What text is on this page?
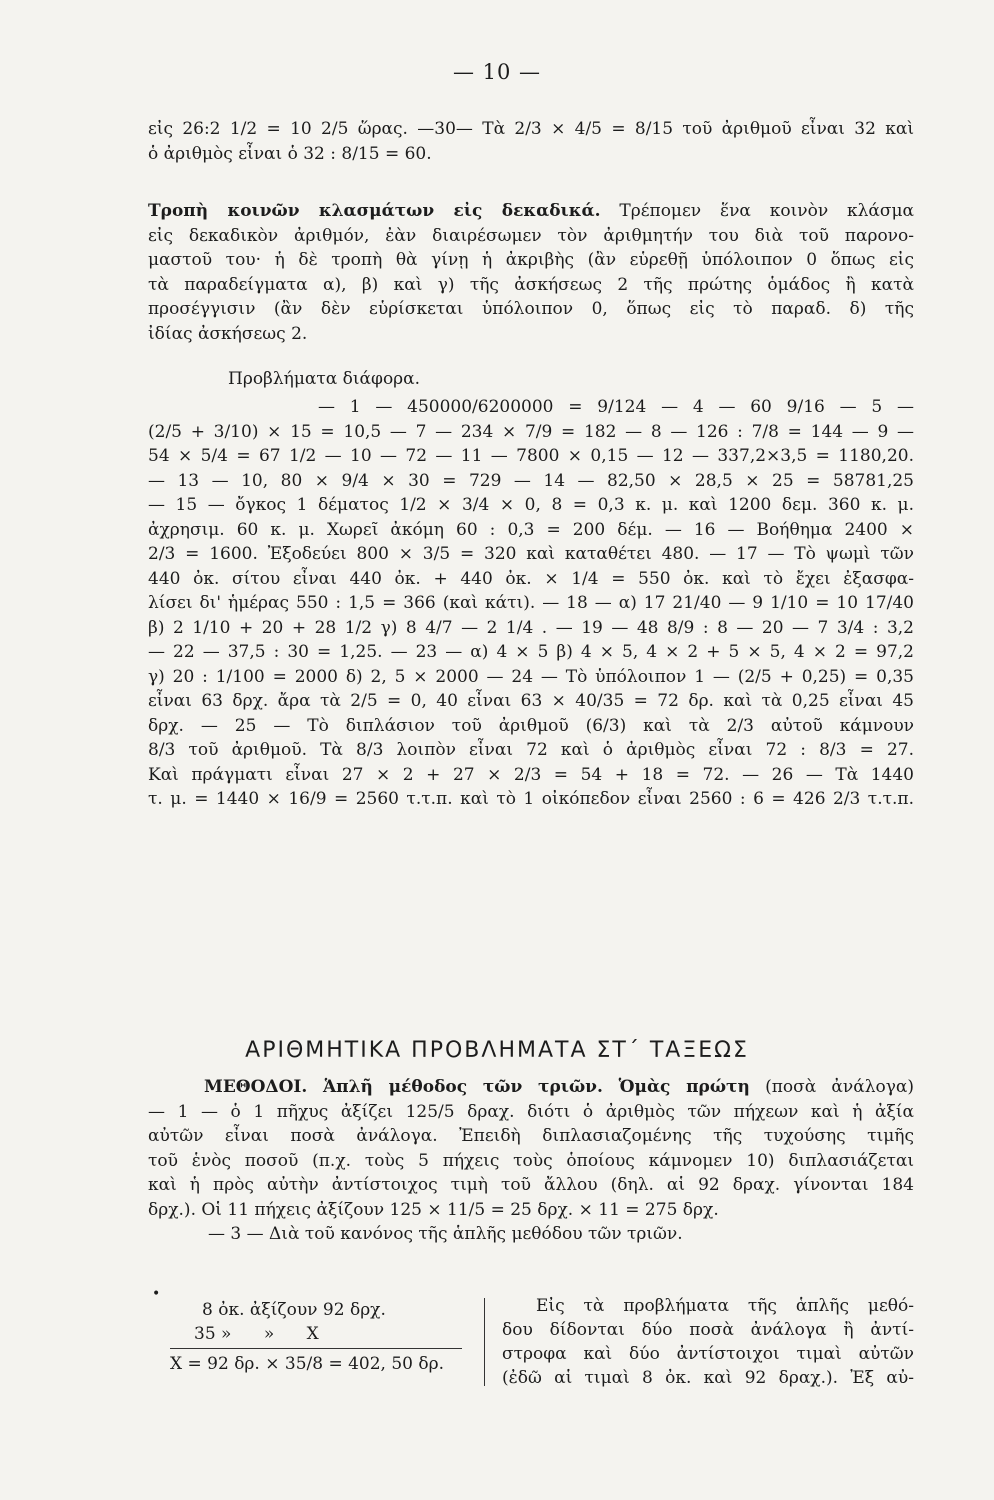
— 10 —

εἰς 26:2 1/2 = 10 2/5 ὥρας. —30— Τὰ 2/3 × 4/5 = 8/15 τοῦ ἀριθμοῦ εἶναι 32 καὶ

ὁ ἀριθμὸς εἶναι ὁ 32 : 8/15 = 60.

Τροπὴ κοινῶν κλασμάτων εἰς δεκαδικά. Τρέπομεν ἕνα κοινὸν κλάσμα

εἰς δεκαδικὸν ἀριθμόν, ἐὰν διαιρέσωμεν τὸν ἀριθμητήν του διὰ τοῦ παρονο-

μαστοῦ του· ἡ δὲ τροπὴ θὰ γίνῃ ἡ ἀκριβὴς (ἂν εὑρεθῇ ὑπόλοιπον 0 ὅπως εἰς

τὰ παραδείγματα α), β) καὶ γ) τῆς ἀσκήσεως 2 τῆς πρώτης ὁμάδος ἢ κατὰ

προσέγγισιν (ἂν δὲν εὑρίσκεται ὑπόλοιπον 0, ὅπως εἰς τὸ παραδ. δ) τῆς

ἰδίας ἀσκήσεως 2.

Προβλήματα διάφορα.

— 1 — 450000/6200000 = 9/124 — 4 — 60 9/16 — 5 —

(2/5 + 3/10) × 15 = 10,5 — 7 — 234 × 7/9 = 182 — 8 — 126 : 7/8 = 144 — 9 —

54 × 5/4 = 67 1/2 — 10 — 72 — 11 — 7800 × 0,15 — 12 — 337,2×3,5 = 1180,20.

— 13 — 10, 80 × 9/4 × 30 = 729 — 14 — 82,50 × 28,5 × 25 = 58781,25

— 15 — ὄγκος 1 δέματος 1/2 × 3/4 × 0, 8 = 0,3 κ. μ. καὶ 1200 δεμ. 360 κ. μ.

ἀχρησιμ. 60 κ. μ. Χωρεῖ ἀκόμη 60 : 0,3 = 200 δέμ. — 16 — Βοήθημα 2400 ×

2/3 = 1600. Ἐξοδεύει 800 × 3/5 = 320 καὶ καταθέτει 480. — 17 — Τὸ ψωμὶ τῶν

440 ὀκ. σίτου εἶναι 440 ὀκ. + 440 ὀκ. × 1/4 = 550 ὀκ. καὶ τὸ ἔχει ἐξασφα-

λίσει δι' ἡμέρας 550 : 1,5 = 366 (καὶ κάτι). — 18 — α) 17 21/40 — 9 1/10 = 10 17/40

β) 2 1/10 + 20 + 28 1/2 γ) 8 4/7 — 2 1/4 . — 19 — 48 8/9 : 8 — 20 — 7 3/4 : 3,2

— 22 — 37,5 : 30 = 1,25. — 23 — α) 4 × 5 β) 4 × 5, 4 × 2 + 5 × 5, 4 × 2 = 97,2

γ) 20 : 1/100 = 2000 δ) 2, 5 × 2000 — 24 — Τὸ ὑπόλοιπον 1 — (2/5 + 0,25) = 0,35

εἶναι 63 δρχ. ἄρα τὰ 2/5 = 0, 40 εἶναι 63 × 40/35 = 72 δρ. καὶ τὰ 0,25 εἶναι 45

δρχ. — 25 — Τὸ διπλάσιον τοῦ ἀριθμοῦ (6/3) καὶ τὰ 2/3 αὐτοῦ κάμνουν

8/3 τοῦ ἀριθμοῦ. Τὰ 8/3 λοιπὸν εἶναι 72 καὶ ὁ ἀριθμὸς εἶναι 72 : 8/3 = 27.

Καὶ πράγματι εἶναι 27 × 2 + 27 × 2/3 = 54 + 18 = 72. — 26 — Τὰ 1440

τ. μ. = 1440 × 16/9 = 2560 τ.τ.π. καὶ τὸ 1 οἰκόπεδον εἶναι 2560 : 6 = 426 2/3 τ.τ.π.

ΑΡΙΘΜΗΤΙΚΑ ΠΡΟΒΛΗΜΑΤΑ ΣΤ΄ ΤΑΞΕΩΣ

ΜΕΘΟΔΟΙ. Ἁπλῆ μέθοδος τῶν τριῶν. Ὁμὰς πρώτη (ποσὰ ἀνάλογα)

— 1 — ὁ 1 πῆχυς ἀξίζει 125/5 δραχ. διότι ὁ ἀριθμὸς τῶν πήχεων καὶ ἡ ἀξία

αὐτῶν εἶναι ποσὰ ἀνάλογα. Ἐπειδὴ διπλασιαζομένης τῆς τυχούσης τιμῆς

τοῦ ἑνὸς ποσοῦ (π.χ. τοὺς 5 πήχεις τοὺς ὁποίους κάμνομεν 10) διπλασιάζεται

καὶ ἡ πρὸς αὐτὴν ἀντίστοιχος τιμὴ τοῦ ἄλλου (δηλ. αἱ 92 δραχ. γίνονται 184

δρχ.). Οἱ 11 πήχεις ἀξίζουν 125 × 11/5 = 25 δρχ. × 11 = 275 δρχ.

— 3 — Διὰ τοῦ κανόνος τῆς ἁπλῆς μεθόδου τῶν τριῶν.

•
8 ὀκ. ἀξίζουν 92 δρχ.
35 »      »      X
X = 92 δρ. × 35/8 = 402, 50 δρ.

Εἰς τὰ προβλήματα τῆς ἁπλῆς μεθό-

δου δίδονται δύο ποσὰ ἀνάλογα ἢ ἀντί-

στροφα καὶ δύο ἀντίστοιχοι τιμαὶ αὐτῶν

(ἐδῶ αἱ τιμαὶ 8 ὀκ. καὶ 92 δραχ.). Ἐξ αὐ-
